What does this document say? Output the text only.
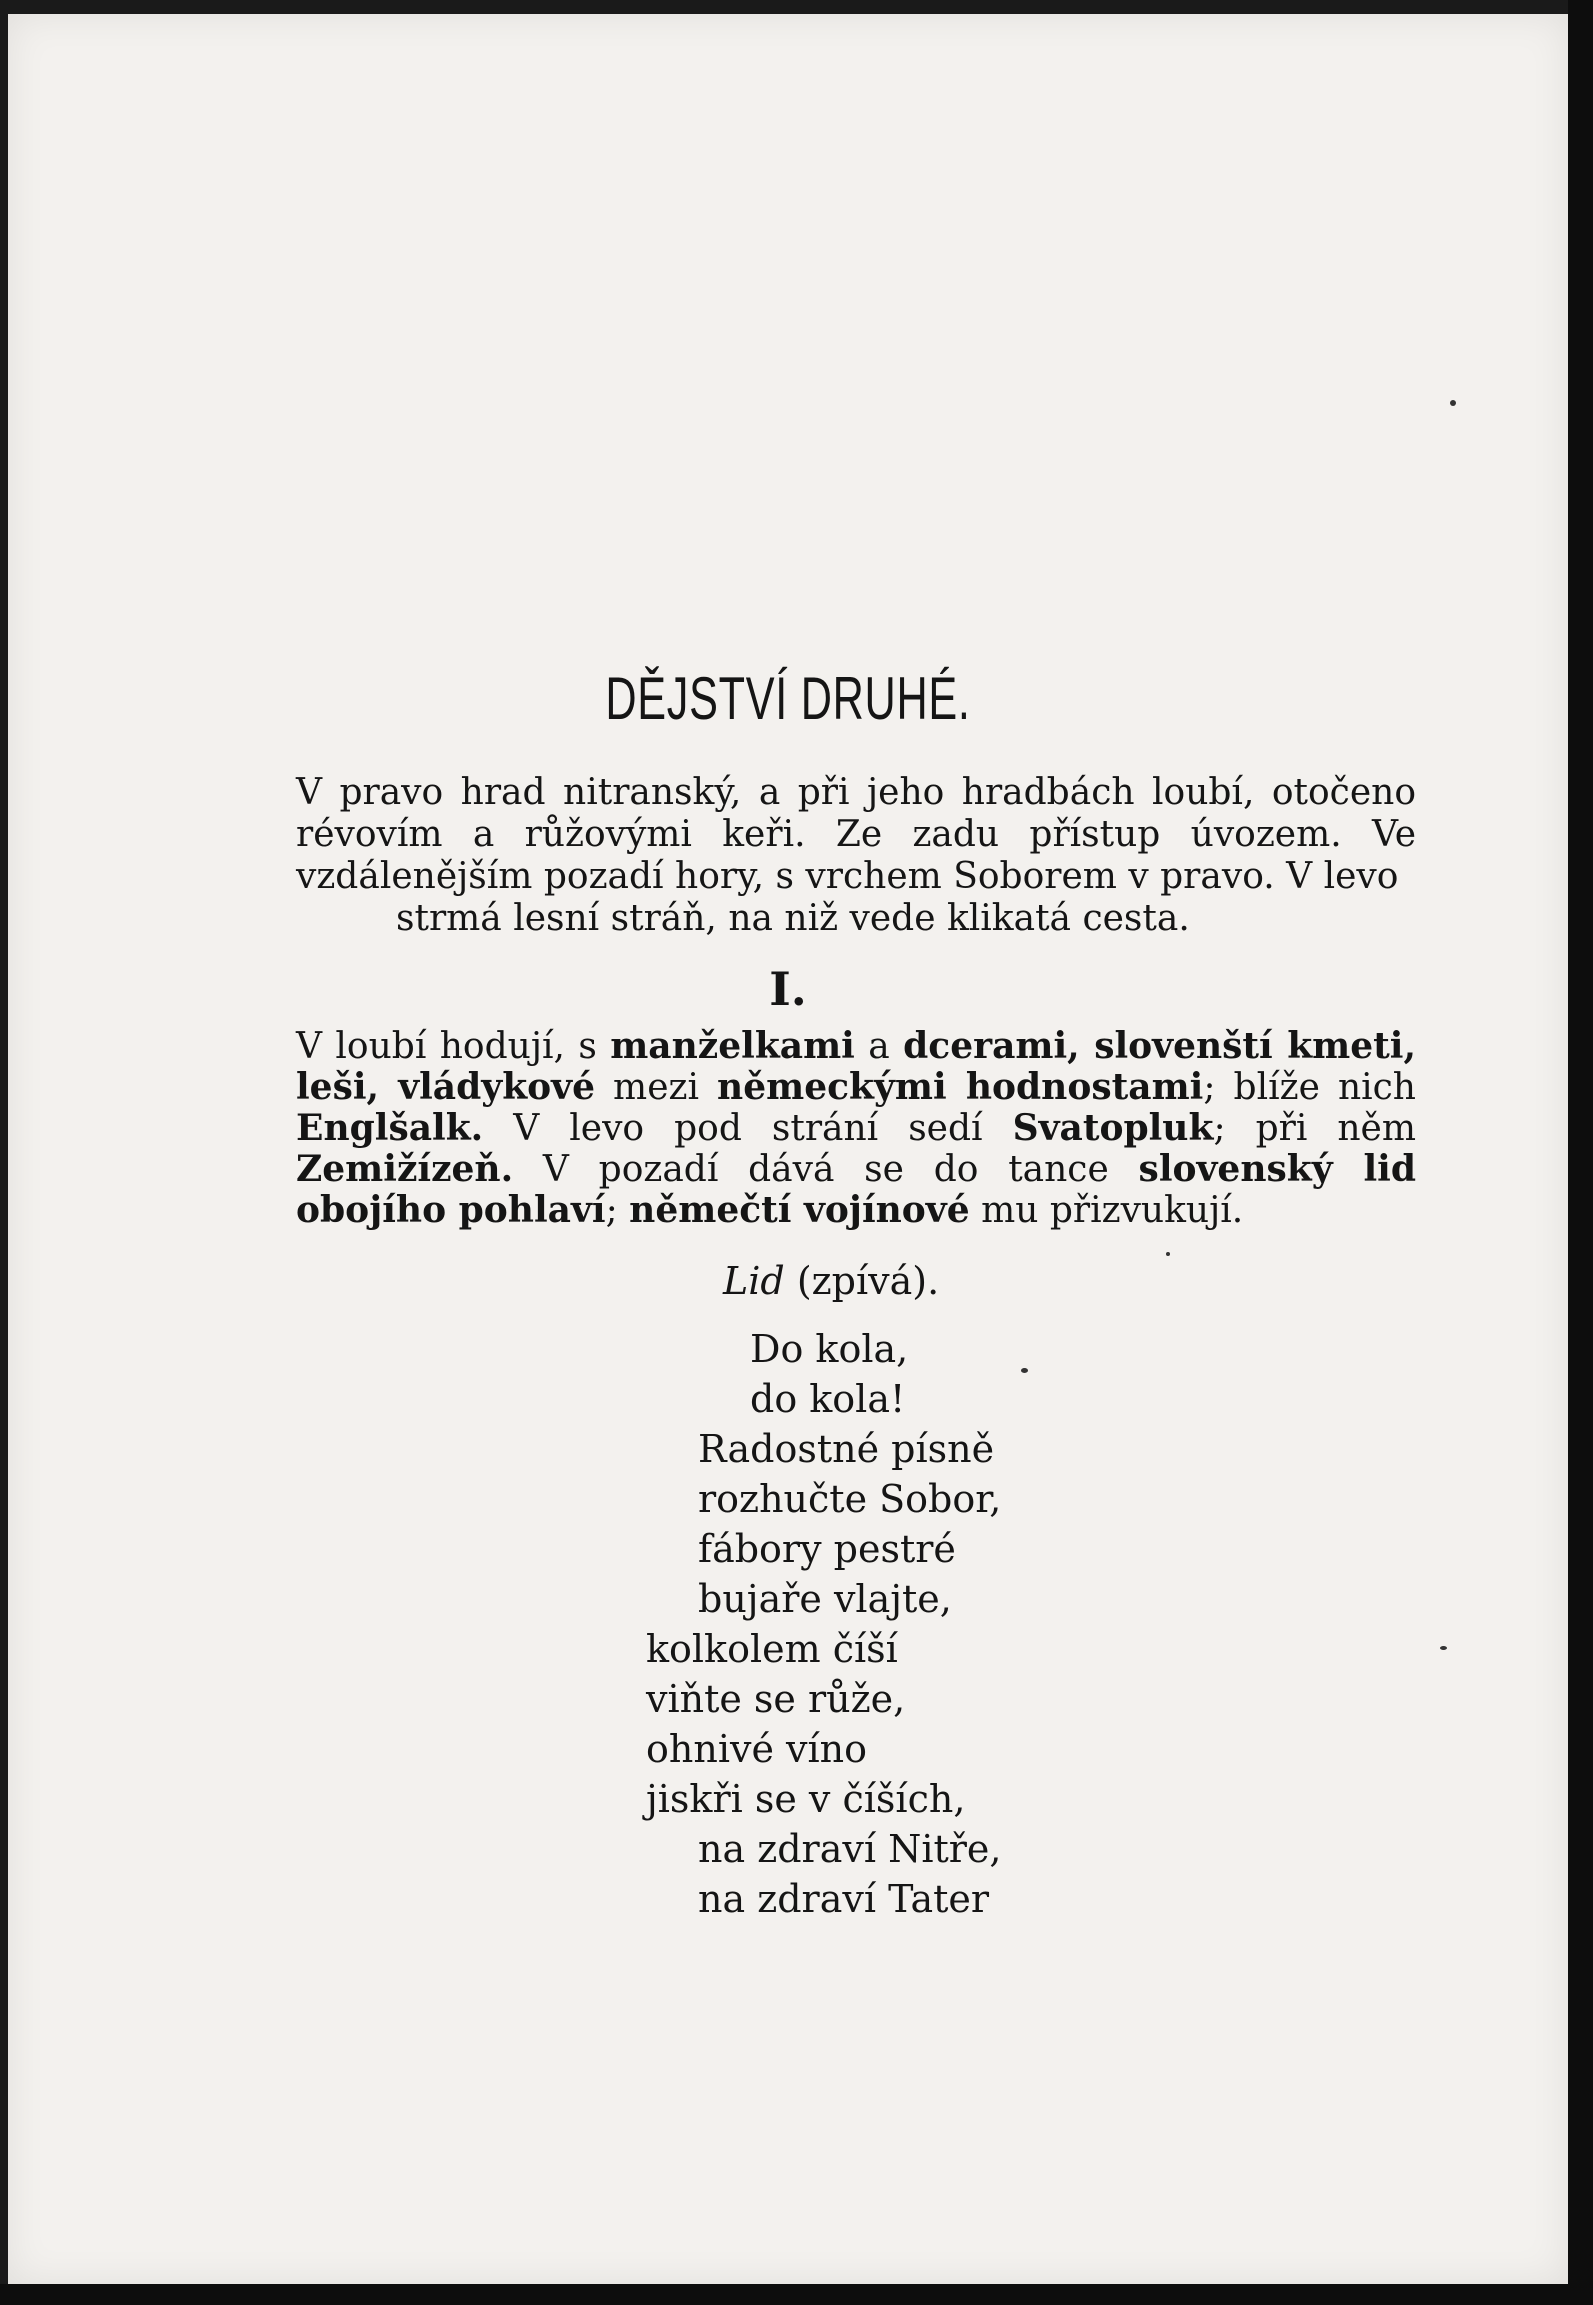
DĚJSTVÍ DRUHÉ.
V pravo hrad nitranský, a při jeho hradbách loubí, otočeno révovím a růžovými keři. Ze zadu přístup úvozem. Ve vzdálenějším pozadí hory, s vrchem Soborem v pravo. V levo
strmá lesní stráň, na niž vede klikatá cesta.
I.
V loubí hodují, s manželkami a dcerami, slovenští kmeti, leši, vládykové mezi německými hodnostami; blíže nich Englšalk. V levo pod strání sedí Svatopluk; při něm Zemižízeň. V pozadí dává se do tance slovenský lid obojího pohlaví; němečtí vojínové mu přizvukují.
Lid (zpívá).
Do kola,
do kola!
Radostné písně
rozhučte Sobor,
fábory pestré
bujaře vlajte,
kolkolem číší
viňte se růže,
ohnivé víno
jiskři se v číších,
na zdraví Nitře,
na zdraví Tater
